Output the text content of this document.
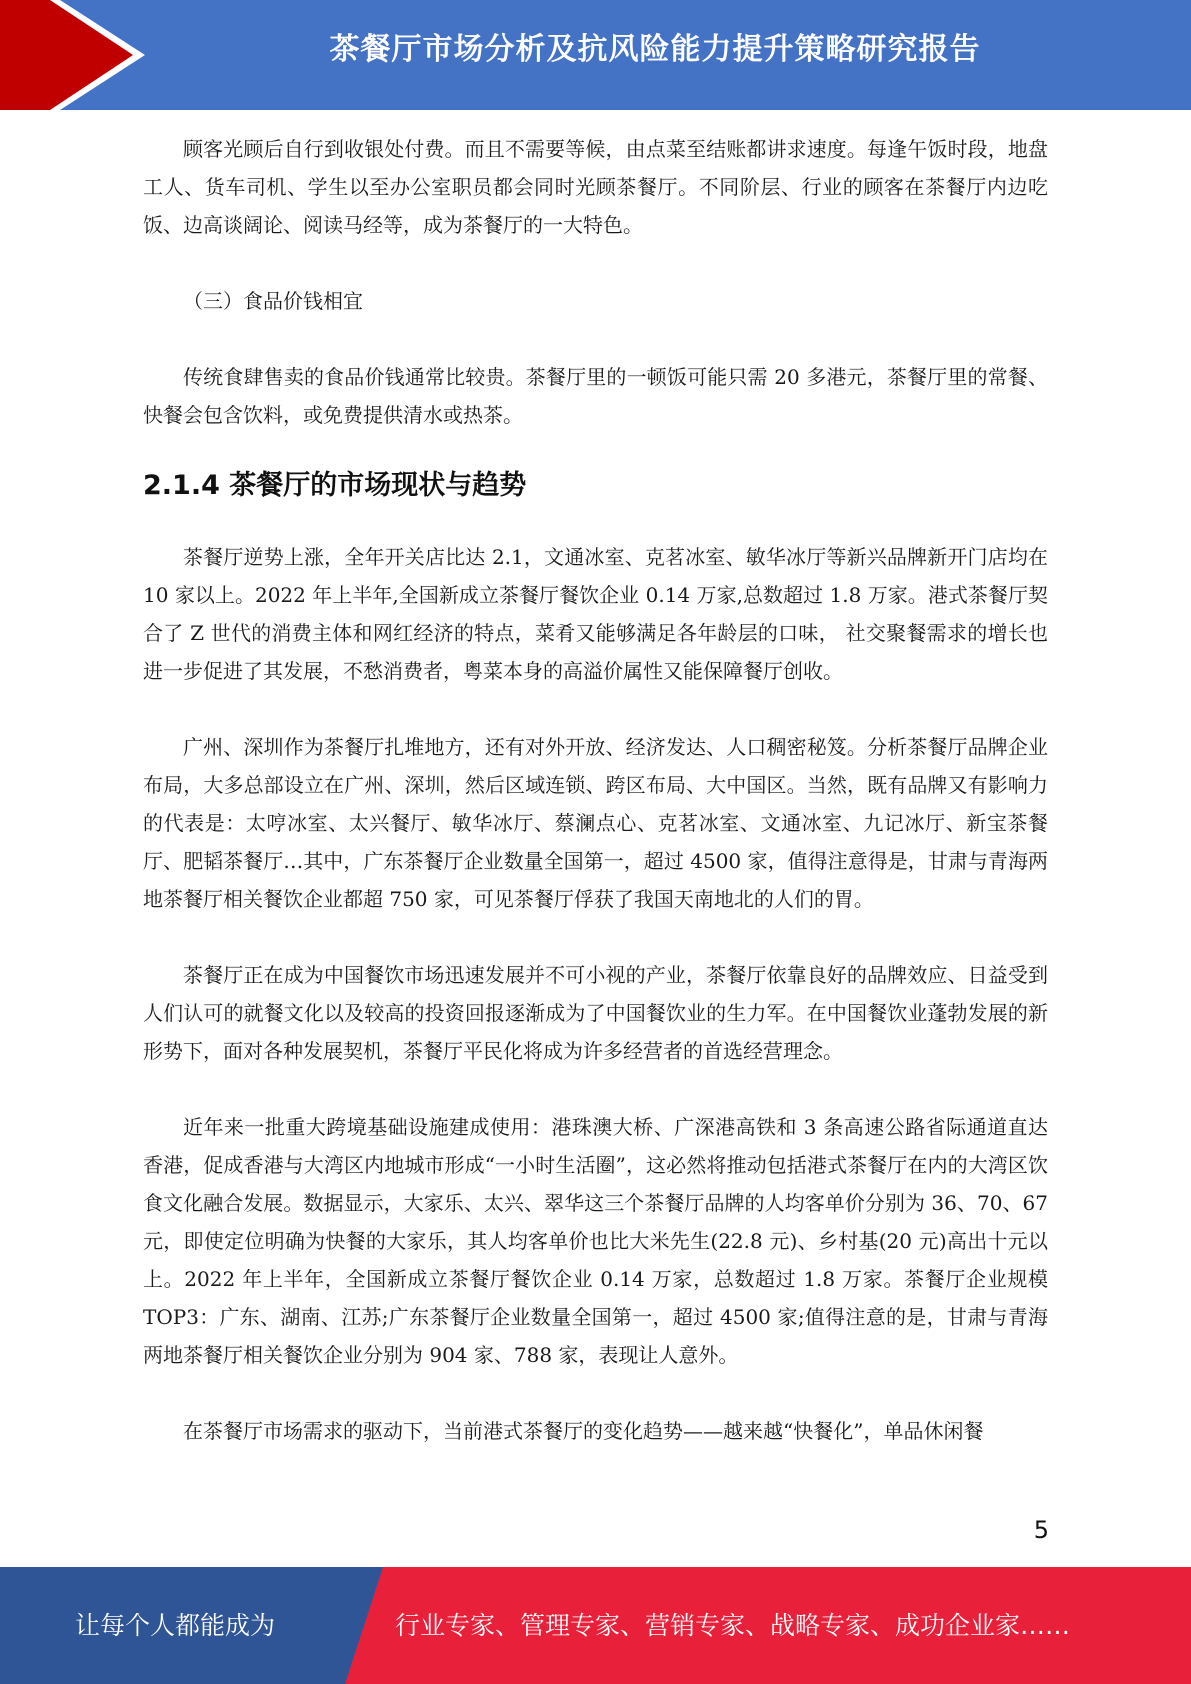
茶餐厅市场分析及抗风险能力提升策略研究报告

顾客光顾后自行到收银处付费。而且不需要等候，由点菜至结账都讲求速度。每逢午饭时段，地盘工人、货车司机、学生以至办公室职员都会同时光顾茶餐厅。不同阶层、行业的顾客在茶餐厅内边吃饭、边高谈阔论、阅读马经等，成为茶餐厅的一大特色。

（三）食品价钱相宜

传统食肆售卖的食品价钱通常比较贵。茶餐厅里的一顿饭可能只需 20 多港元，茶餐厅里的常餐、快餐会包含饮料，或免费提供清水或热茶。

2.1.4 茶餐厅的市场现状与趋势

茶餐厅逆势上涨，全年开关店比达 2.1，文通冰室、克茗冰室、敏华冰厅等新兴品牌新开门店均在 10 家以上。2022 年上半年,全国新成立茶餐厅餐饮企业 0.14 万家,总数超过 1.8 万家。港式茶餐厅契合了 Z 世代的消费主体和网红经济的特点，菜肴又能够满足各年龄层的口味， 社交聚餐需求的增长也进一步促进了其发展，不愁消费者，粤菜本身的高溢价属性又能保障餐厅创收。

广州、深圳作为茶餐厅扎堆地方，还有对外开放、经济发达、人口稠密秘笈。分析茶餐厅品牌企业布局，大多总部设立在广州、深圳，然后区域连锁、跨区布局、大中国区。当然，既有品牌又有影响力的代表是：太哼冰室、太兴餐厅、敏华冰厅、蔡澜点心、克茗冰室、文通冰室、九记冰厅、新宝茶餐厅、肥韬茶餐厅…其中，广东茶餐厅企业数量全国第一，超过 4500 家，值得注意得是，甘肃与青海两地茶餐厅相关餐饮企业都超 750 家，可见茶餐厅俘获了我国天南地北的人们的胃。

茶餐厅正在成为中国餐饮市场迅速发展并不可小视的产业，茶餐厅依靠良好的品牌效应、日益受到人们认可的就餐文化以及较高的投资回报逐渐成为了中国餐饮业的生力军。在中国餐饮业蓬勃发展的新形势下，面对各种发展契机，茶餐厅平民化将成为许多经营者的首选经营理念。

近年来一批重大跨境基础设施建成使用：港珠澳大桥、广深港高铁和 3 条高速公路省际通道直达香港，促成香港与大湾区内地城市形成“一小时生活圈”，这必然将推动包括港式茶餐厅在内的大湾区饮食文化融合发展。数据显示，大家乐、太兴、翠华这三个茶餐厅品牌的人均客单价分别为 36、70、67 元，即使定位明确为快餐的大家乐，其人均客单价也比大米先生(22.8 元)、乡村基(20 元)高出十元以上。2022 年上半年，全国新成立茶餐厅餐饮企业 0.14 万家，总数超过 1.8 万家。茶餐厅企业规模 TOP3：广东、湖南、江苏;广东茶餐厅企业数量全国第一，超过 4500 家;值得注意的是，甘肃与青海两地茶餐厅相关餐饮企业分别为 904 家、788 家，表现让人意外。

在茶餐厅市场需求的驱动下，当前港式茶餐厅的变化趋势——越来越“快餐化”，单品休闲餐

5
让每个人都能成为	行业专家、管理专家、营销专家、战略专家、成功企业家……
